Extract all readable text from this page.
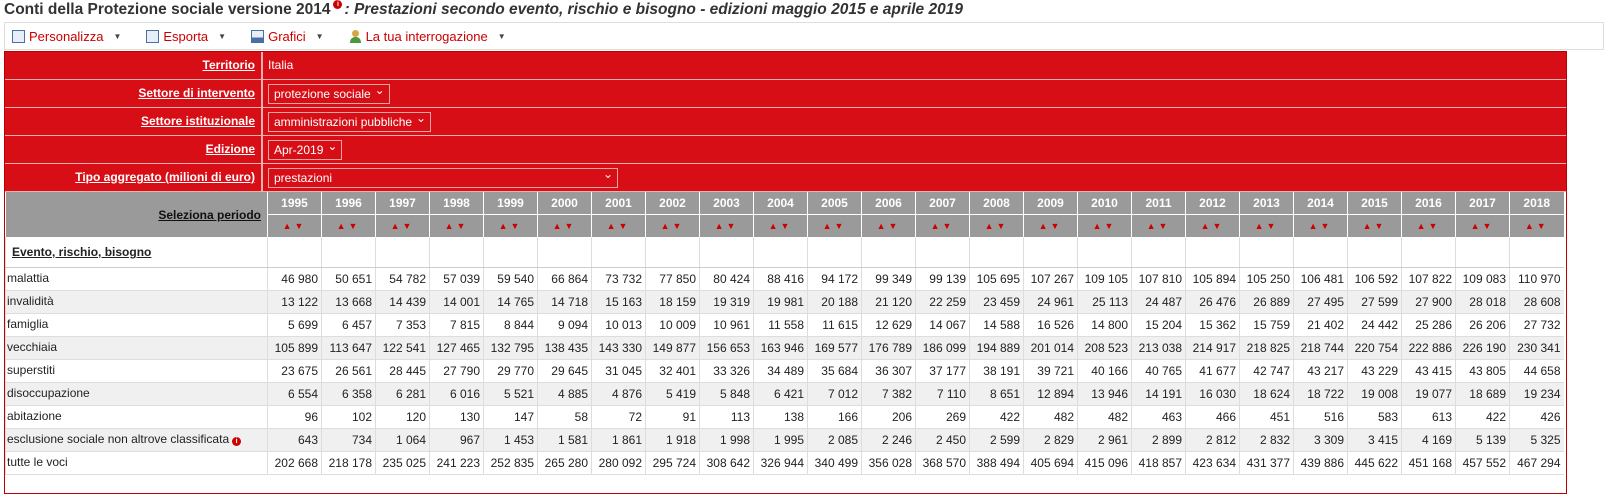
Conti della Protezione sociale versione 2014 i : Prestazioni secondo evento, rischio e bisogno - edizioni maggio 2015 e aprile 2019
Personalizza ▼	Esporta ▼	Grafici ▼	La tua interrogazione ▼
Territorio	Italia
Settore di intervento	protezione sociale ⌄
Settore istituzionale	amministrazioni pubbliche ⌄
Edizione	Apr-2019 ⌄
Tipo aggregato (milioni di euro)	prestazioni ⌄
Seleziona periodo	1995	1996	1997	1998	1999	2000	2001	2002	2003	2004	2005	2006	2007	2008	2009	2010	2011	2012	2013	2014	2015	2016	2017	2018
	▲▼	▲▼	▲▼	▲▼	▲▼	▲▼	▲▼	▲▼	▲▼	▲▼	▲▼	▲▼	▲▼	▲▼	▲▼	▲▼	▲▼	▲▼	▲▼	▲▼	▲▼	▲▼	▲▼	▲▼
Evento, rischio, bisogno																								
malattia	46 980	50 651	54 782	57 039	59 540	66 864	73 732	77 850	80 424	88 416	94 172	99 349	99 139	105 695	107 267	109 105	107 810	105 894	105 250	106 481	106 592	107 822	109 083	110 970
invalidità	13 122	13 668	14 439	14 001	14 765	14 718	15 163	18 159	19 319	19 981	20 188	21 120	22 259	23 459	24 961	25 113	24 487	26 476	26 889	27 495	27 599	27 900	28 018	28 608
famiglia	5 699	6 457	7 353	7 815	8 844	9 094	10 013	10 009	10 961	11 558	11 615	12 629	14 067	14 588	16 526	14 800	15 204	15 362	15 759	21 402	24 442	25 286	26 206	27 732
vecchiaia	105 899	113 647	122 541	127 465	132 795	138 435	143 330	149 877	156 653	163 946	169 577	176 789	186 099	194 889	201 014	208 523	213 038	214 917	218 825	218 744	220 754	222 886	226 190	230 341
superstiti	23 675	26 561	28 445	27 790	29 770	29 645	31 045	32 401	33 326	34 489	35 684	36 307	37 177	38 191	39 721	40 166	40 765	41 677	42 747	43 217	43 229	43 415	43 805	44 658
disoccupazione	6 554	6 358	6 281	6 016	5 521	4 885	4 876	5 419	5 848	6 421	7 012	7 382	7 110	8 651	12 894	13 946	14 191	16 030	18 624	18 722	19 008	19 077	18 689	19 234
abitazione	96	102	120	130	147	58	72	91	113	138	166	206	269	422	482	482	463	466	451	516	583	613	422	426
esclusione sociale non altrove classificata i	643	734	1 064	967	1 453	1 581	1 861	1 918	1 998	1 995	2 085	2 246	2 450	2 599	2 829	2 961	2 899	2 812	2 832	3 309	3 415	4 169	5 139	5 325
tutte le voci	202 668	218 178	235 025	241 223	252 835	265 280	280 092	295 724	308 642	326 944	340 499	356 028	368 570	388 494	405 694	415 096	418 857	423 634	431 377	439 886	445 622	451 168	457 552	467 294
